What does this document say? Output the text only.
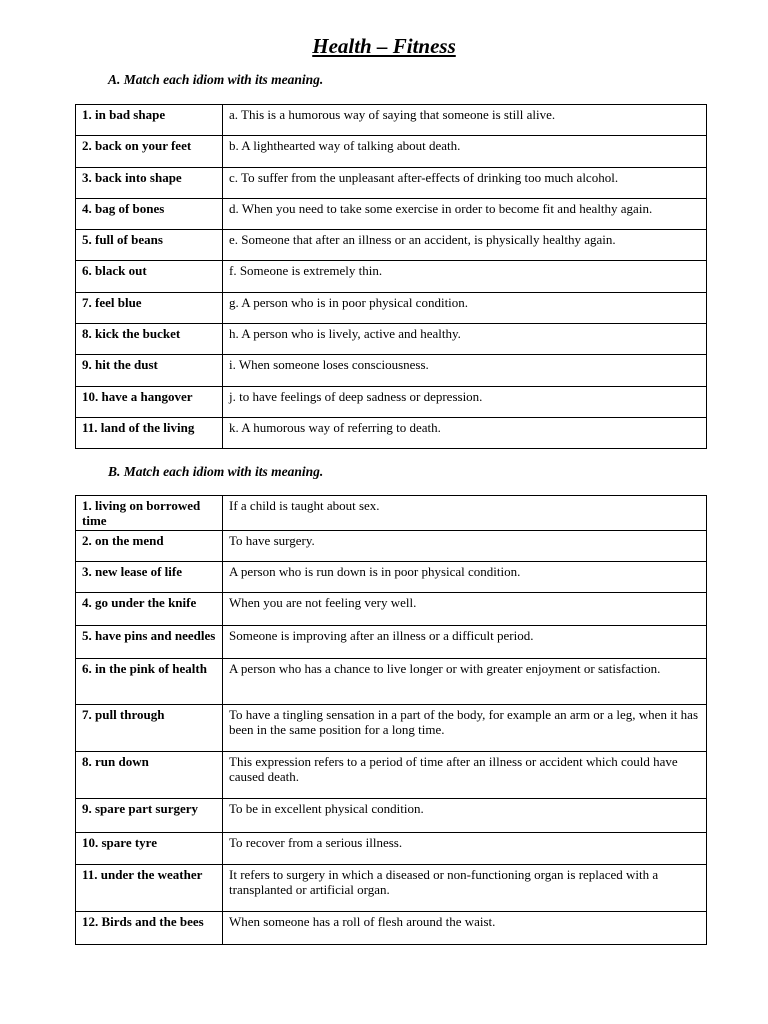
Health – Fitness
A. Match each idiom with its meaning.
1. in bad shape	a. This is a humorous way of saying that someone is still alive.
2. back on your feet	b. A lighthearted way of talking about death.
3. back into shape	c. To suffer from the unpleasant after-effects of drinking too much alcohol.
4. bag of bones	d. When you need to take some exercise in order to become fit and healthy again.
5. full of beans	e. Someone that after an illness or an accident, is physically healthy again.
6. black out	f. Someone is extremely thin.
7. feel blue	g. A person who is in poor physical condition.
8. kick the bucket	h. A person who is lively, active and healthy.
9. hit the dust	i. When someone loses consciousness.
10. have a hangover	j. to have feelings of deep sadness or depression.
11. land of the living	k. A humorous way of referring to death.
B. Match each idiom with its meaning.
1. living on borrowed time	If a child is taught about sex.
2. on the mend	To have surgery.
3. new lease of life	A person who is run down is in poor physical condition.
4. go under the knife	When you are not feeling very well.
5. have pins and needles	Someone is improving after an illness or a difficult period.
6. in the pink of health	A person who has a chance to live longer or with greater enjoyment or satisfaction.
7. pull through	To have a tingling sensation in a part of the body, for example an arm or a leg, when it has been in the same position for a long time.
8. run down	This expression refers to a period of time after an illness or accident which could have caused death.
9. spare part surgery	To be in excellent physical condition.
10. spare tyre	To recover from a serious illness.
11. under the weather	It refers to surgery in which a diseased or non-functioning organ is replaced with a transplanted or artificial organ.
12. Birds and the bees	When someone has a roll of flesh around the waist.
